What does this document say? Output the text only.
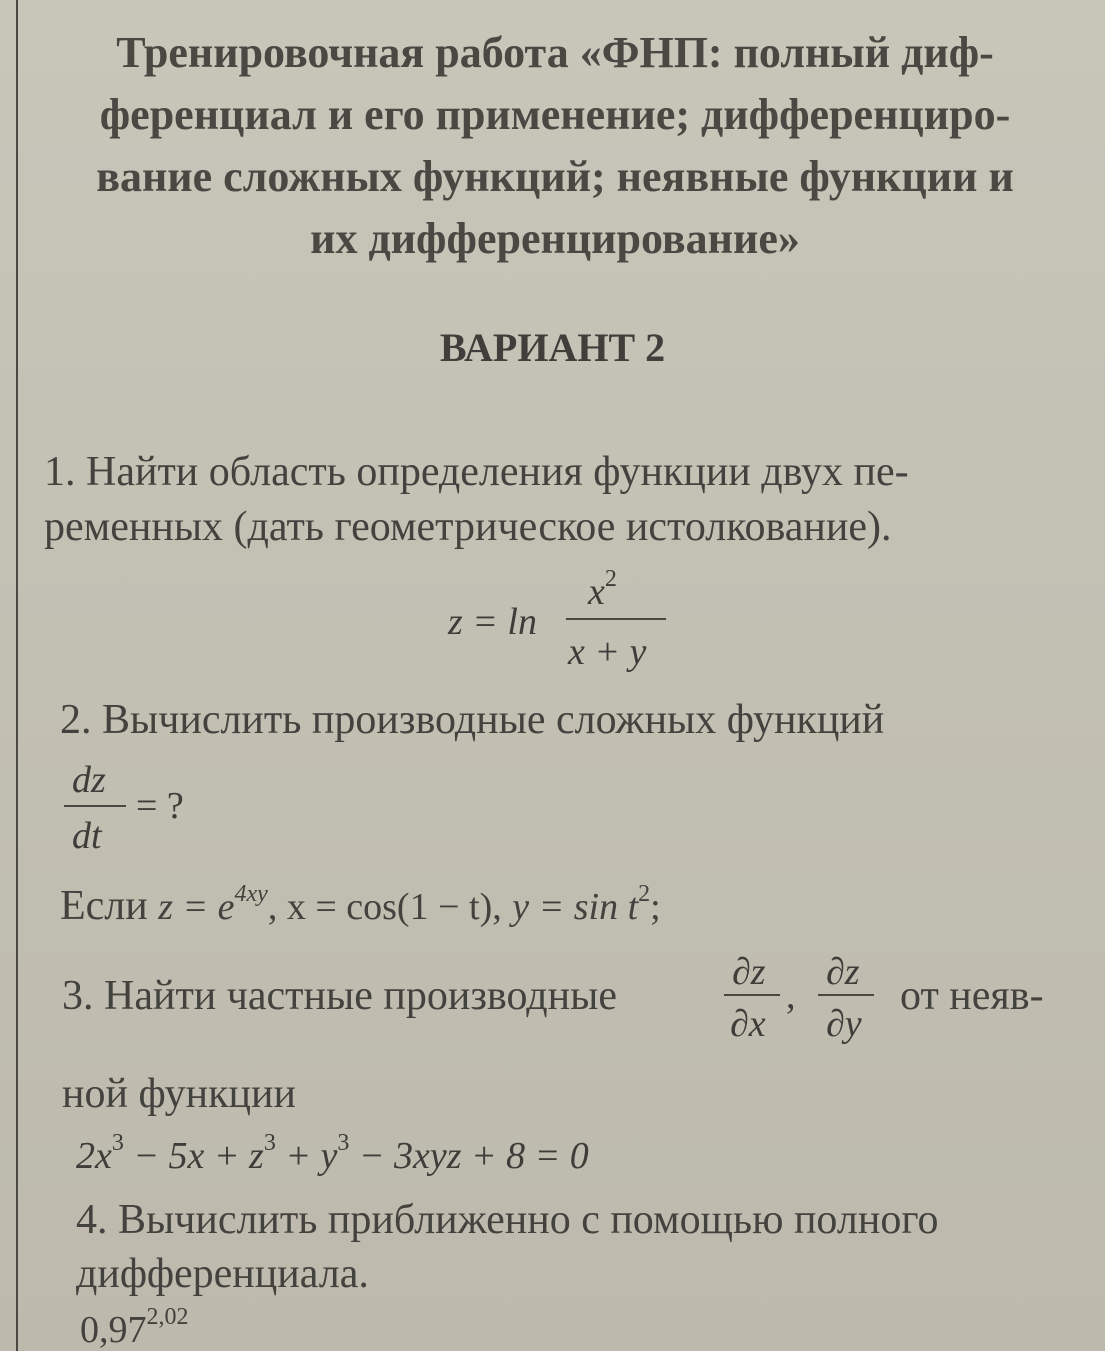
Тренировочная работа «ФНП: полный диф-
ференциал и его применение; дифференциро-
вание сложных функций; неявные функции и
их дифференцирование»
ВАРИАНТ 2
1. Найти область определения функции двух пе-
ременных (дать геометрическое истолкование).
z = ln
$x^2$
x + y
2. Вычислить производные сложных функций
dz
dt
= ?
Если $z = e^{4xy}$, x = cos(1 − t), $y = \sin t^2$;
3. Найти частные производные
∂z
∂x
,
∂z
∂y
от неяв-
ной функции
$2x^3 - 5x + z^3 + y^3 - 3xyz + 8 = 0$
4. Вычислить приближенно с помощью полного
дифференциала.
0,97$^{2,02}$
